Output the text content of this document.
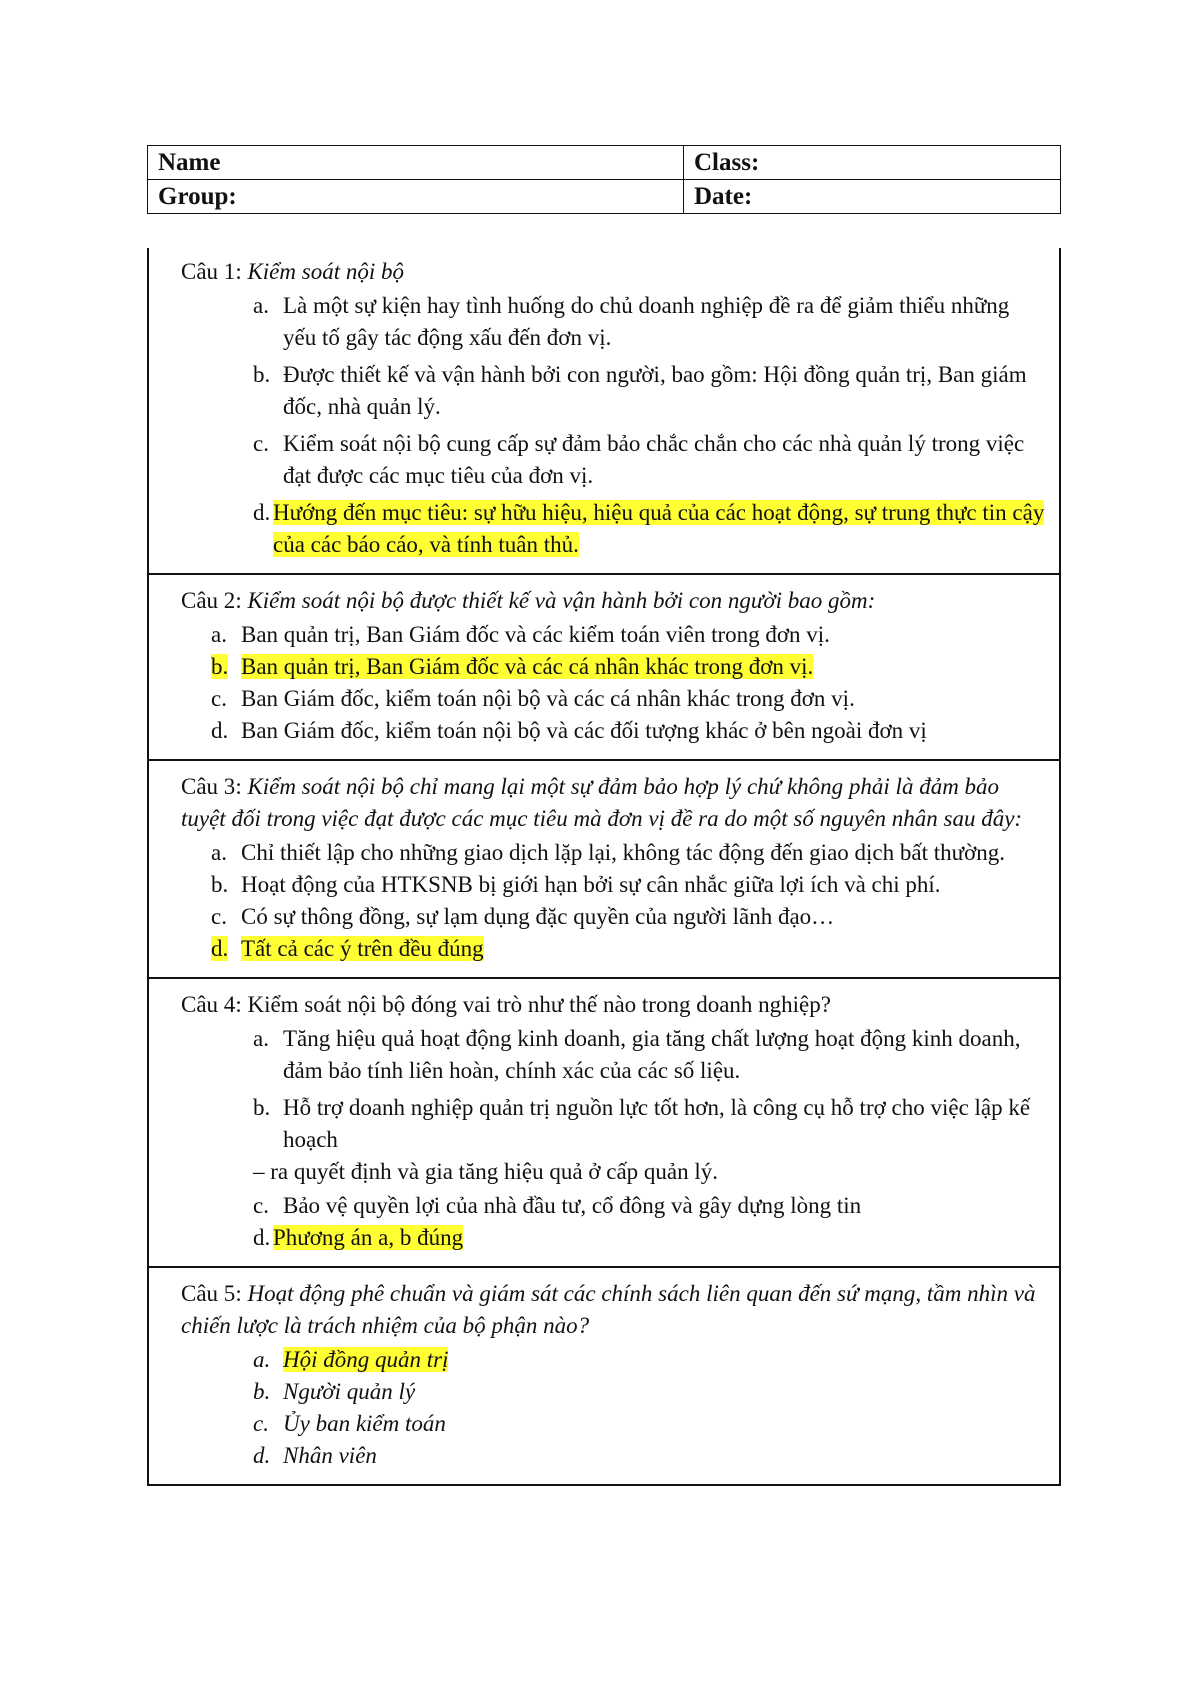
Name	Class:
Group:	Date:

Câu 1: Kiểm soát nội bộ

a. Là một sự kiện hay tình huống do chủ doanh nghiệp đề ra để giảm thiểu những yếu tố gây tác động xấu đến đơn vị.
b. Được thiết kế và vận hành bởi con người, bao gồm: Hội đồng quản trị, Ban giám đốc, nhà quản lý.
c. Kiểm soát nội bộ cung cấp sự đảm bảo chắc chắn cho các nhà quản lý trong việc đạt được các mục tiêu của đơn vị.
d. Hướng đến mục tiêu: sự hữu hiệu, hiệu quả của các hoạt động, sự trung thực tin cậy của các báo cáo, và tính tuân thủ.

Câu 2: Kiểm soát nội bộ được thiết kế và vận hành bởi con người bao gồm:

a. Ban quản trị, Ban Giám đốc và các kiểm toán viên trong đơn vị.
b. Ban quản trị, Ban Giám đốc và các cá nhân khác trong đơn vị.
c. Ban Giám đốc, kiểm toán nội bộ và các cá nhân khác trong đơn vị.
d. Ban Giám đốc, kiểm toán nội bộ và các đối tượng khác ở bên ngoài đơn vị

Câu 3: Kiểm soát nội bộ chỉ mang lại một sự đảm bảo hợp lý chứ không phải là đảm bảo tuyệt đối trong việc đạt được các mục tiêu mà đơn vị đề ra do một số nguyên nhân sau đây:

a. Chỉ thiết lập cho những giao dịch lặp lại, không tác động đến giao dịch bất thường.
b. Hoạt động của HTKSNB bị giới hạn bởi sự cân nhắc giữa lợi ích và chi phí.
c. Có sự thông đồng, sự lạm dụng đặc quyền của người lãnh đạo…
d. Tất cả các ý trên đều đúng

Câu 4: Kiểm soát nội bộ đóng vai trò như thế nào trong doanh nghiệp?

a. Tăng hiệu quả hoạt động kinh doanh, gia tăng chất lượng hoạt động kinh doanh, đảm bảo tính liên hoàn, chính xác của các số liệu.
b. Hỗ trợ doanh nghiệp quản trị nguồn lực tốt hơn, là công cụ hỗ trợ cho việc lập kế hoạch
– ra quyết định và gia tăng hiệu quả ở cấp quản lý.
c. Bảo vệ quyền lợi của nhà đầu tư, cổ đông và gây dựng lòng tin
d. Phương án a, b đúng

Câu 5: Hoạt động phê chuẩn và giám sát các chính sách liên quan đến sứ mạng, tầm nhìn và chiến lược là trách nhiệm của bộ phận nào?

a. Hội đồng quản trị
b. Người quản lý
c. Ủy ban kiểm toán
d. Nhân viên
